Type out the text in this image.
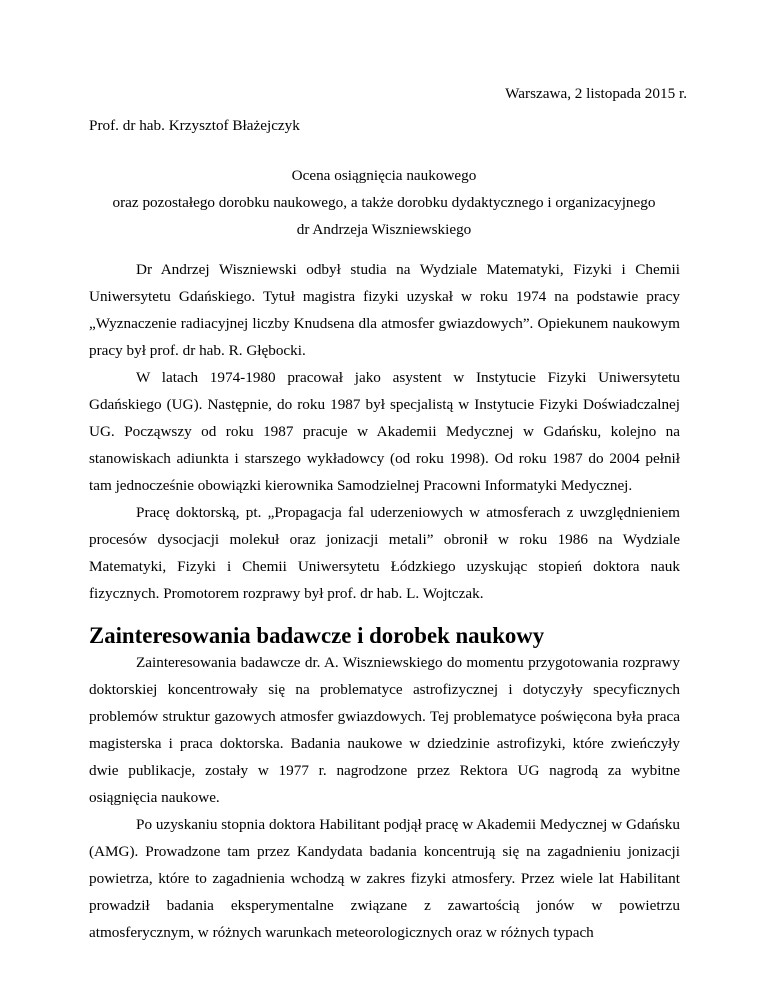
Warszawa, 2 listopada 2015 r.
Prof. dr hab. Krzysztof Błażejczyk
Ocena osiągnięcia naukowego
oraz pozostałego dorobku naukowego, a także dorobku dydaktycznego i organizacyjnego
dr Andrzeja Wiszniewskiego

Dr Andrzej Wiszniewski odbył studia na Wydziale Matematyki, Fizyki i Chemii Uniwersytetu Gdańskiego. Tytuł magistra fizyki uzyskał w roku 1974 na podstawie pracy „Wyznaczenie radiacyjnej liczby Knudsena dla atmosfer gwiazdowych”. Opiekunem naukowym pracy był prof. dr hab. R. Głębocki.

W latach 1974-1980 pracował jako asystent w Instytucie Fizyki Uniwersytetu Gdańskiego (UG). Następnie, do roku 1987 był specjalistą w Instytucie Fizyki Doświadczalnej UG. Począwszy od roku 1987 pracuje w Akademii Medycznej w Gdańsku, kolejno na stanowiskach adiunkta i starszego wykładowcy (od roku 1998). Od roku 1987 do 2004 pełnił tam jednocześnie obowiązki kierownika Samodzielnej Pracowni Informatyki Medycznej.

Pracę doktorską, pt. „Propagacja fal uderzeniowych w atmosferach z uwzględnieniem procesów dysocjacji molekuł oraz jonizacji metali” obronił w roku 1986 na Wydziale Matematyki, Fizyki i Chemii Uniwersytetu Łódzkiego uzyskując stopień doktora nauk fizycznych. Promotorem rozprawy był prof. dr hab. L. Wojtczak.

Zainteresowania badawcze i dorobek naukowy

Zainteresowania badawcze dr. A. Wiszniewskiego do momentu przygotowania rozprawy doktorskiej koncentrowały się na problematyce astrofizycznej i dotyczyły specyficznych problemów struktur gazowych atmosfer gwiazdowych. Tej problematyce poświęcona była praca magisterska i praca doktorska. Badania naukowe w dziedzinie astrofizyki, które zwieńczyły dwie publikacje, zostały w 1977 r. nagrodzone przez Rektora UG nagrodą za wybitne osiągnięcia naukowe.

Po uzyskaniu stopnia doktora Habilitant podjął pracę w Akademii Medycznej w Gdańsku (AMG). Prowadzone tam przez Kandydata badania koncentrują się na zagadnieniu jonizacji powietrza, które to zagadnienia wchodzą w zakres fizyki atmosfery. Przez wiele lat Habilitant prowadził badania eksperymentalne związane z zawartością jonów w powietrzu atmosferycznym, w różnych warunkach meteorologicznych oraz w różnych typach
